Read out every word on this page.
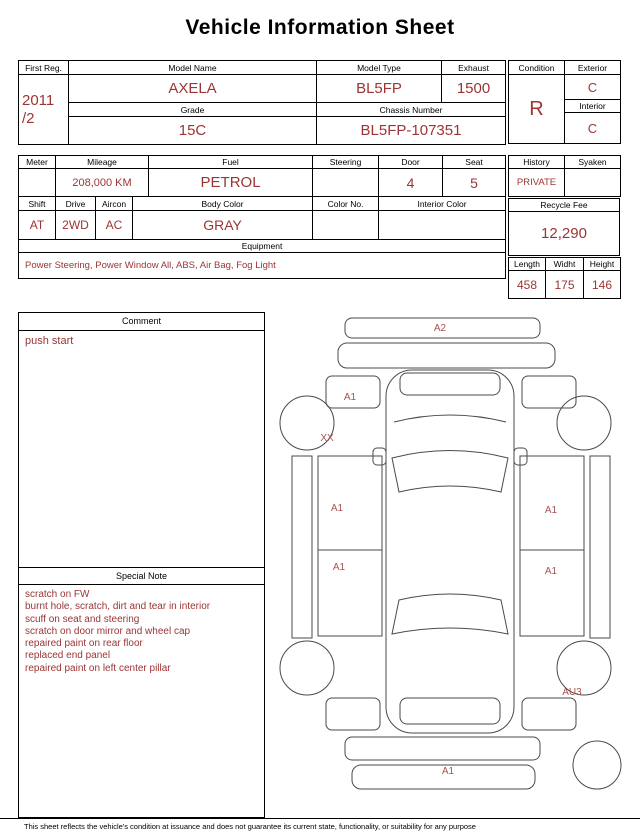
Vehicle Information Sheet
First Reg.	Model Name	Model Type	Exhaust

2011
/2	AXELA	BL5FP	1500
	Grade	Chassis Number	
	15C	BL5FP-107351	
Condition	Exterior
R	C
	Interior
	C
Meter	Mileage			Fuel	Steering	Door	Seat
	208,000 KM			PETROL		4	5
Shift	Drive	Aircon	Body Color		Color No.	Interior Color	
AT	2WD	AC	GRAY				
Equipment							
Power Steering, Power Window All, ABS, Air Bag, Fog Light							
History	Syaken
PRIVATE	
Recycle Fee
12,290
Length	Widht	Height
458	175	146
Comment
push start
Special Note
scratch on FW
burnt hole, scratch, dirt and tear in interior
scuff on seat and steering
scratch on door mirror and wheel cap
repaired paint on rear floor
replaced end panel
repaired paint on left center pillar
A2
A1
XX
A1
A1
A1
A1
AU3
A1
This sheet reflects the vehicle's condition at issuance and does not guarantee its current state, functionality, or suitability for any purpose
